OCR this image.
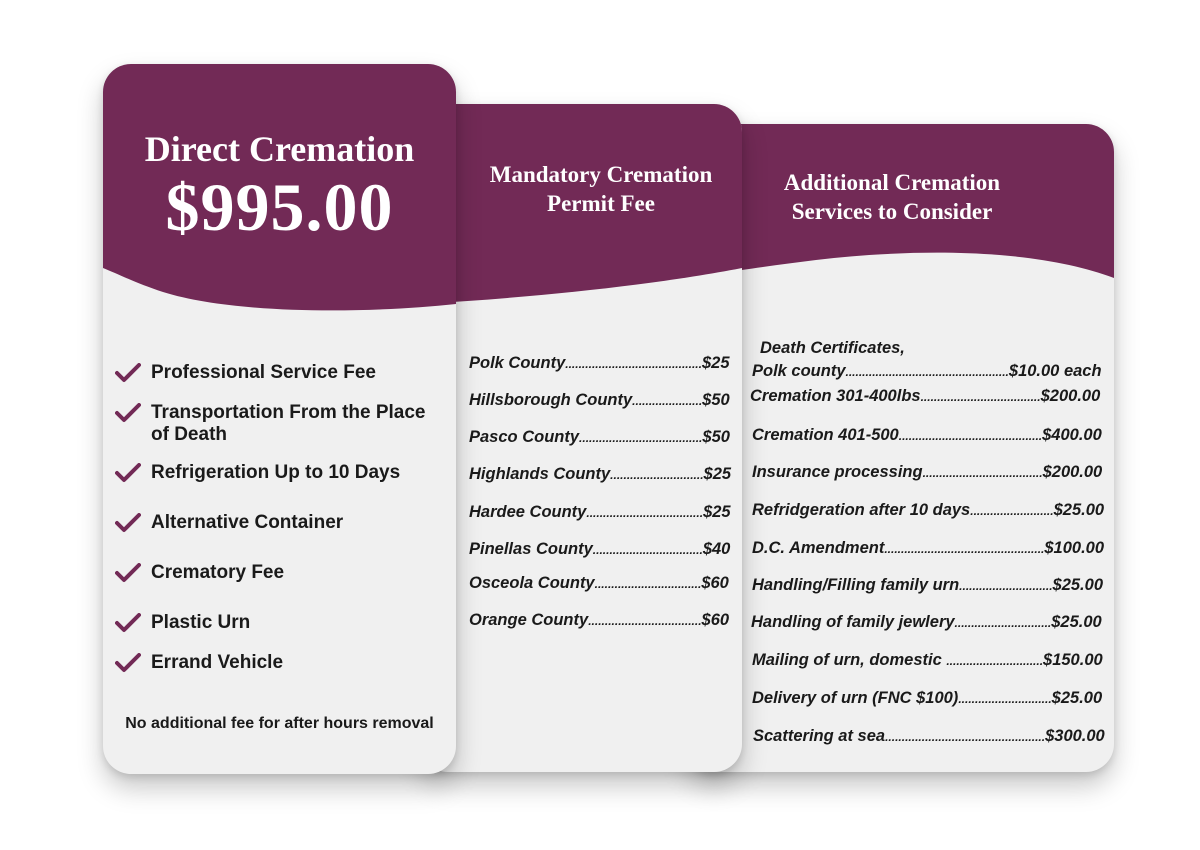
Additional Cremation Services to Consider
Death Certificates,
Polk county.................................................$10.00 each
Cremation 301-400lbs....................................$200.00
Cremation 401-500...........................................$400.00
Insurance processing....................................$200.00
Refridgeration after 10 days.........................$25.00
D.C. Amendment................................................$100.00
Handling/Filling family urn............................$25.00
Handling of family jewlery.............................$25.00
Mailing of urn, domestic .............................$150.00
Delivery of urn (FNC $100)............................$25.00
Scattering at sea................................................$300.00
Mandatory Cremation Permit Fee
Polk County.........................................$25
Hillsborough County.....................$50
Pasco County.....................................$50
Highlands County............................$25
Hardee County...................................$25
Pinellas County.................................$40
Osceola County................................$60
Orange County..................................$60
Direct Cremation
$995.00
Professional Service Fee
Transportation From the Place of Death
Refrigeration Up to 10 Days
Alternative Container
Crematory Fee
Plastic Urn
Errand Vehicle
No additional fee for after hours removal
